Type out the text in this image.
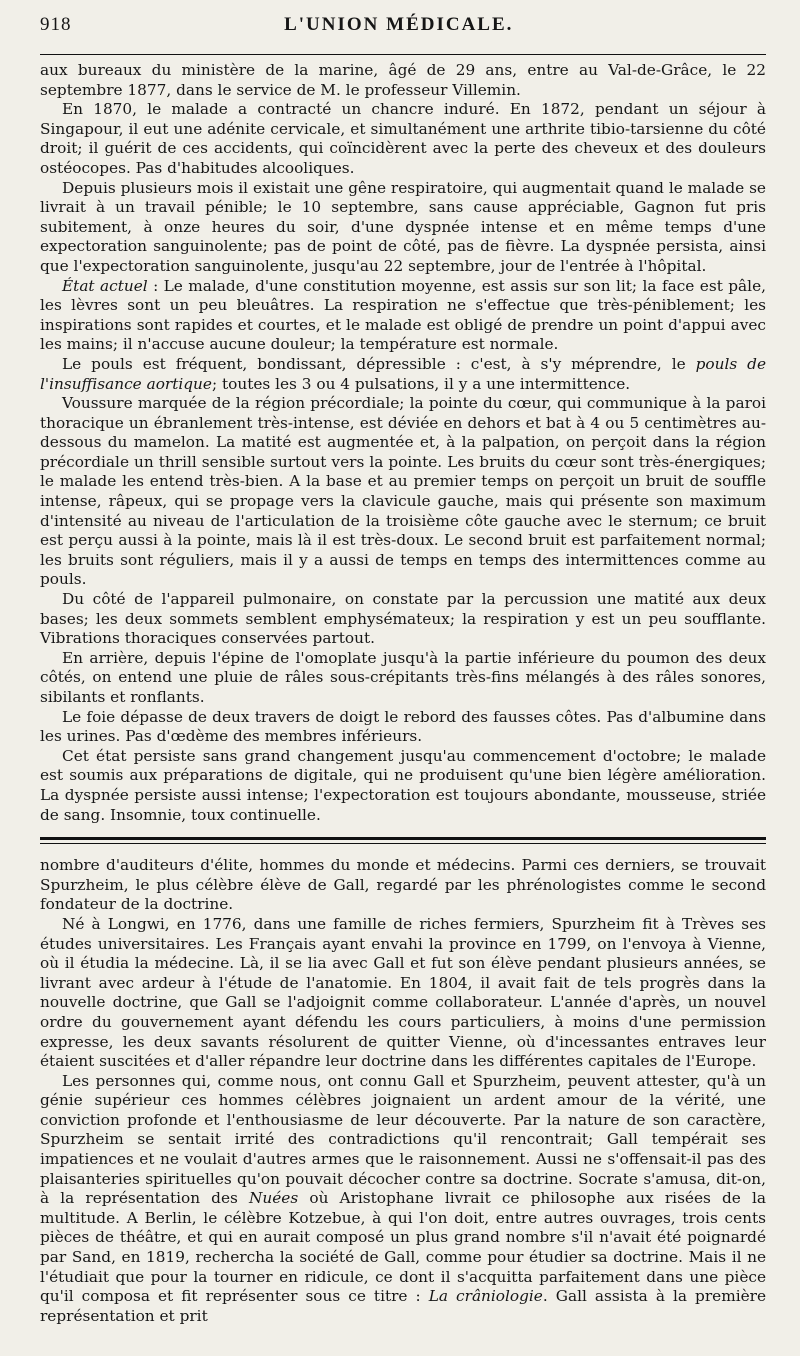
918	L'UNION MÉDICALE.

aux bureaux du ministère de la marine, âgé de 29 ans, entre au Val-de-Grâce, le 22 septembre 1877, dans le service de M. le professeur Villemin.

En 1870, le malade a contracté un chancre induré. En 1872, pendant un séjour à Singapour, il eut une adénite cervicale, et simultanément une arthrite tibio-tarsienne du côté droit; il guérit de ces accidents, qui coïncidèrent avec la perte des cheveux et des douleurs ostéocopes. Pas d'habitudes alcooliques.

Depuis plusieurs mois il existait une gêne respiratoire, qui augmentait quand le malade se livrait à un travail pénible; le 10 septembre, sans cause appréciable, Gagnon fut pris subitement, à onze heures du soir, d'une dyspnée intense et en même temps d'une expectoration sanguinolente; pas de point de côté, pas de fièvre. La dyspnée persista, ainsi que l'expectoration sanguinolente, jusqu'au 22 septembre, jour de l'entrée à l'hôpital.

État actuel : Le malade, d'une constitution moyenne, est assis sur son lit; la face est pâle, les lèvres sont un peu bleuâtres. La respiration ne s'effectue que très-péniblement; les inspirations sont rapides et courtes, et le malade est obligé de prendre un point d'appui avec les mains; il n'accuse aucune douleur; la température est normale.

Le pouls est fréquent, bondissant, dépressible : c'est, à s'y méprendre, le pouls de l'insuffisance aortique; toutes les 3 ou 4 pulsations, il y a une intermittence.

Voussure marquée de la région précordiale; la pointe du cœur, qui communique à la paroi thoracique un ébranlement très-intense, est déviée en dehors et bat à 4 ou 5 centimètres au-dessous du mamelon. La matité est augmentée et, à la palpation, on perçoit dans la région précordiale un thrill sensible surtout vers la pointe. Les bruits du cœur sont très-énergiques; le malade les entend très-bien. A la base et au premier temps on perçoit un bruit de souffle intense, râpeux, qui se propage vers la clavicule gauche, mais qui présente son maximum d'intensité au niveau de l'articulation de la troisième côte gauche avec le sternum; ce bruit est perçu aussi à la pointe, mais là il est très-doux. Le second bruit est parfaitement normal; les bruits sont réguliers, mais il y a aussi de temps en temps des intermittences comme au pouls.

Du côté de l'appareil pulmonaire, on constate par la percussion une matité aux deux bases; les deux sommets semblent emphysémateux; la respiration y est un peu soufflante. Vibrations thoraciques conservées partout.

En arrière, depuis l'épine de l'omoplate jusqu'à la partie inférieure du poumon des deux côtés, on entend une pluie de râles sous-crépitants très-fins mélangés à des râles sonores, sibilants et ronflants.

Le foie dépasse de deux travers de doigt le rebord des fausses côtes. Pas d'albumine dans les urines. Pas d'œdème des membres inférieurs.

Cet état persiste sans grand changement jusqu'au commencement d'octobre; le malade est soumis aux préparations de digitale, qui ne produisent qu'une bien légère amélioration. La dyspnée persiste aussi intense; l'expectoration est toujours abondante, mousseuse, striée de sang. Insomnie, toux continuelle.

nombre d'auditeurs d'élite, hommes du monde et médecins. Parmi ces derniers, se trouvait Spurzheim, le plus célèbre élève de Gall, regardé par les phrénologistes comme le second fondateur de la doctrine.

Né à Longwi, en 1776, dans une famille de riches fermiers, Spurzheim fit à Trèves ses études universitaires. Les Français ayant envahi la province en 1799, on l'envoya à Vienne, où il étudia la médecine. Là, il se lia avec Gall et fut son élève pendant plusieurs années, se livrant avec ardeur à l'étude de l'anatomie. En 1804, il avait fait de tels progrès dans la nouvelle doctrine, que Gall se l'adjoignit comme collaborateur. L'année d'après, un nouvel ordre du gouvernement ayant défendu les cours particuliers, à moins d'une permission expresse, les deux savants résolurent de quitter Vienne, où d'incessantes entraves leur étaient suscitées et d'aller répandre leur doctrine dans les différentes capitales de l'Europe.

Les personnes qui, comme nous, ont connu Gall et Spurzheim, peuvent attester, qu'à un génie supérieur ces hommes célèbres joignaient un ardent amour de la vérité, une conviction profonde et l'enthousiasme de leur découverte. Par la nature de son caractère, Spurzheim se sentait irrité des contradictions qu'il rencontrait; Gall tempérait ses impatiences et ne voulait d'autres armes que le raisonnement. Aussi ne s'offensait-il pas des plaisanteries spirituelles qu'on pouvait décocher contre sa doctrine. Socrate s'amusa, dit-on, à la représentation des Nuées où Aristophane livrait ce philosophe aux risées de la multitude. A Berlin, le célèbre Kotzebue, à qui l'on doit, entre autres ouvrages, trois cents pièces de théâtre, et qui en aurait composé un plus grand nombre s'il n'avait été poignardé par Sand, en 1819, rechercha la société de Gall, comme pour étudier sa doctrine. Mais il ne l'étudiait que pour la tourner en ridicule, ce dont il s'acquitta parfaitement dans une pièce qu'il composa et fit représenter sous ce titre : La crâniologie. Gall assista à la première représentation et prit
